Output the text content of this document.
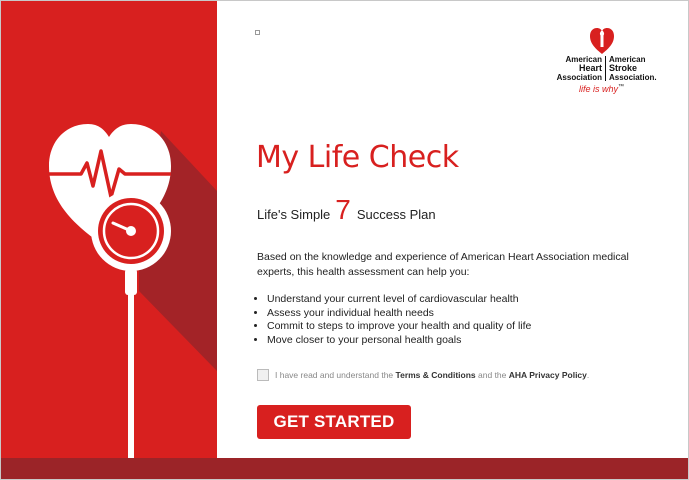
American
Heart
Association
American
Stroke
Association.
life is why™
My Life Check
Life's Simple 7 Success Plan

Based on the knowledge and experience of American Heart Association medical experts, this health assessment can help you:

• Understand your current level of cardiovascular health
• Assess your individual health needs
• Commit to steps to improve your health and quality of life
• Move closer to your personal health goals
I have read and understand the
Terms & Conditions
and the
AHA Privacy Policy .
GET STARTED
